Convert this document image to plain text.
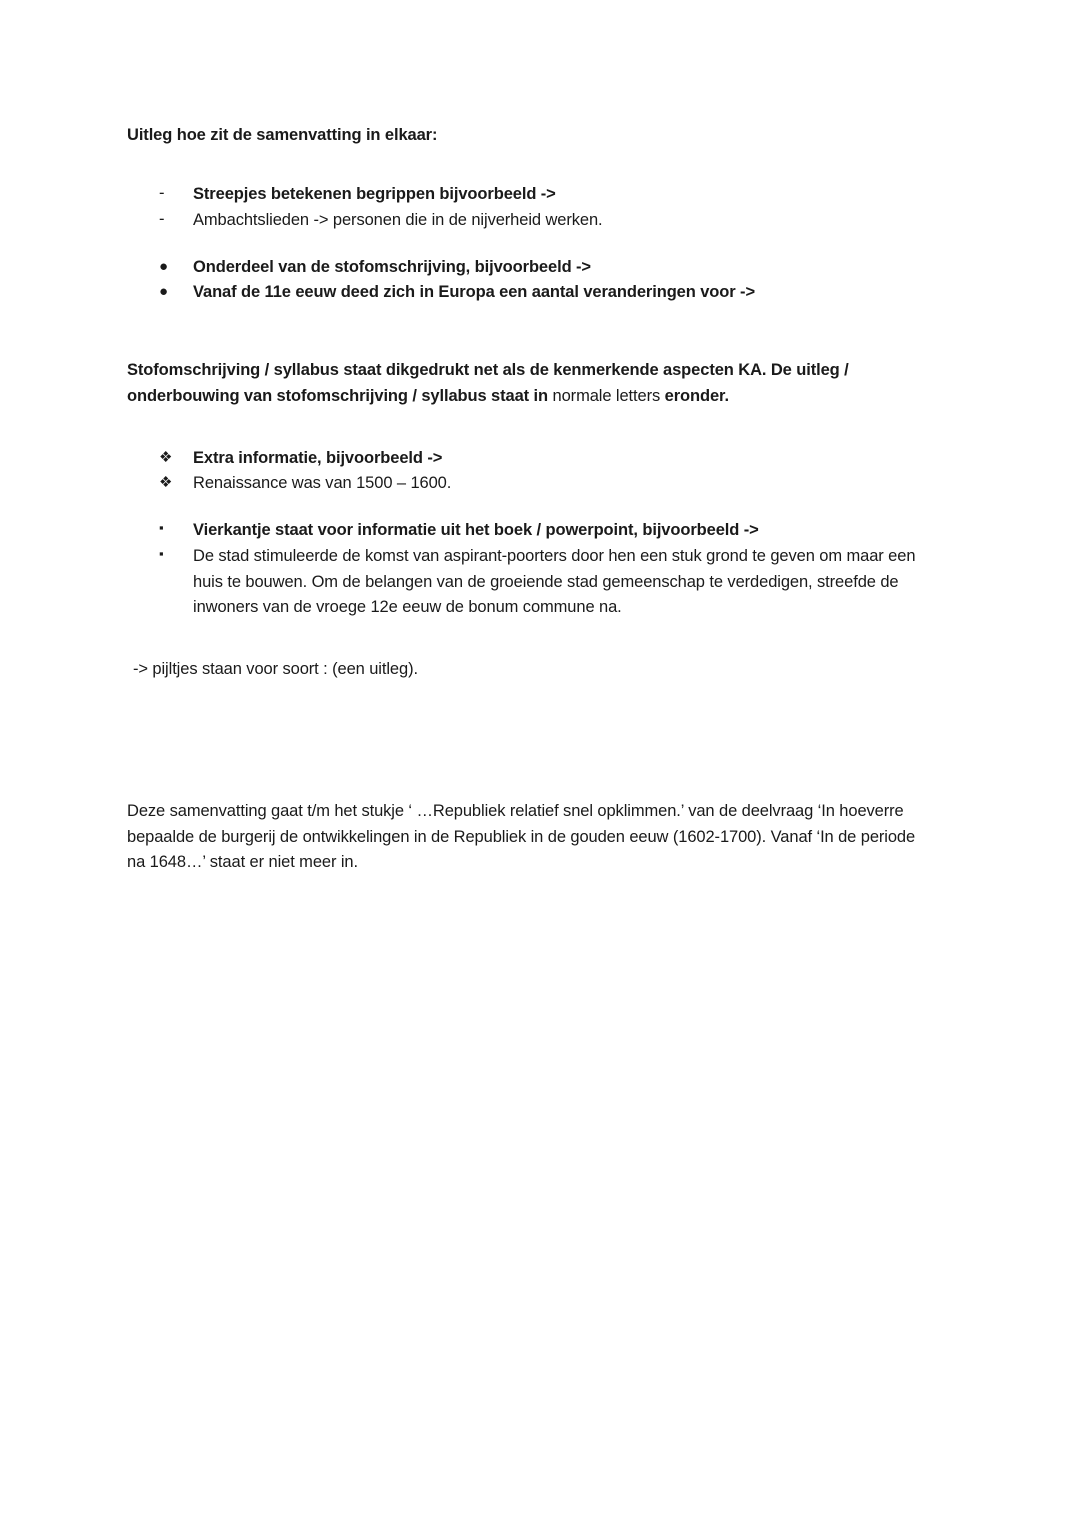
Uitleg hoe zit de samenvatting in elkaar:
- Streepjes betekenen begrippen bijvoorbeeld ->
- Ambachtslieden -> personen die in de nijverheid werken.
● Onderdeel van de stofomschrijving, bijvoorbeeld ->
● Vanaf de 11e eeuw deed zich in Europa een aantal veranderingen voor ->

Stofomschrijving / syllabus staat dikgedrukt net als de kenmerkende aspecten KA. De uitleg / onderbouwing van stofomschrijving / syllabus staat in normale letters eronder.

❖ Extra informatie, bijvoorbeeld ->
❖ Renaissance was van 1500 – 1600.
▪ Vierkantje staat voor informatie uit het boek / powerpoint, bijvoorbeeld ->
▪ De stad stimuleerde de komst van aspirant-poorters door hen een stuk grond te geven om maar een huis te bouwen. Om de belangen van de groeiende stad gemeenschap te verdedigen, streefde de inwoners van de vroege 12e eeuw de bonum commune na.

-> pijltjes staan voor soort : (een uitleg).

Deze samenvatting gaat t/m het stukje ‘ …Republiek relatief snel opklimmen.’ van de deelvraag ‘In hoeverre bepaalde de burgerij de ontwikkelingen in de Republiek in de gouden eeuw (1602-1700). Vanaf ‘In de periode na 1648…’ staat er niet meer in.
